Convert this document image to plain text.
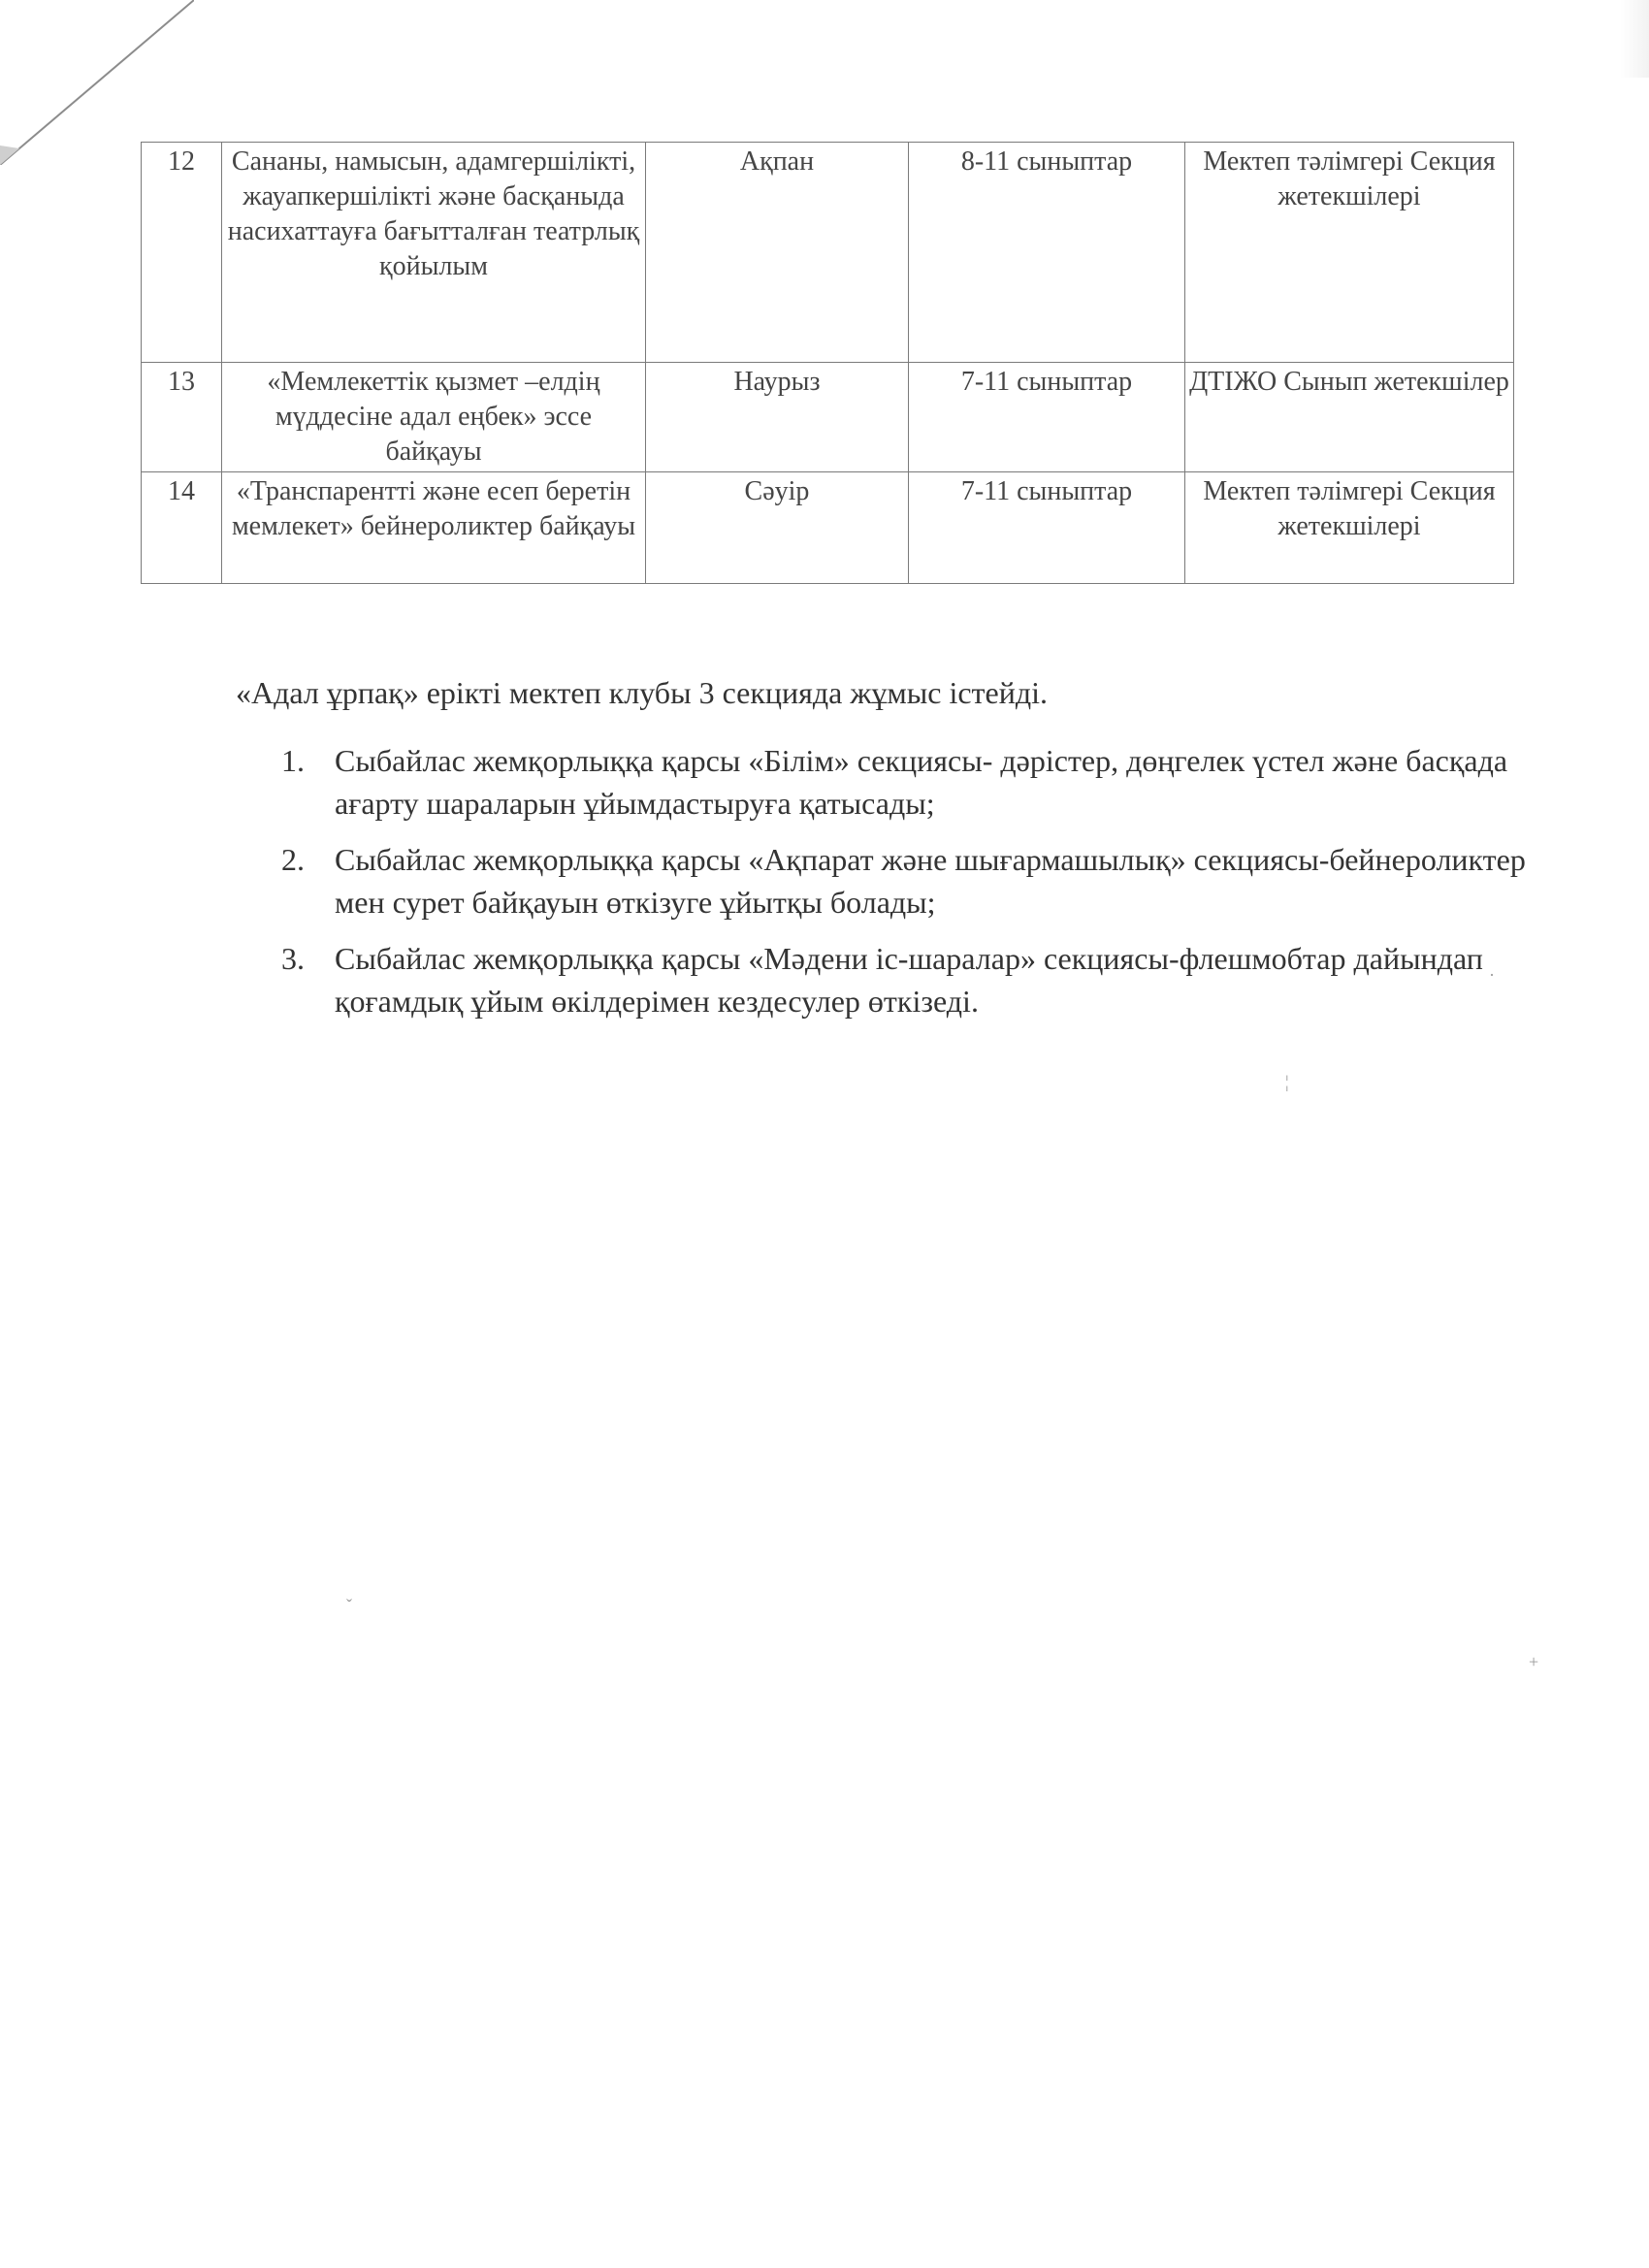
12	Сананы, намысын, адамгершілікті, жауапкершілікті және басқаныда насихаттауға бағытталған театрлық қойылым	Ақпан	8-11 сыныптар	Мектеп тәлімгері Секция жетекшілері
13	«Мемлекеттік қызмет –елдің мүддесіне адал еңбек» эссе байқауы	Наурыз	7-11 сыныптар	ДТІЖО Сынып жетекшілер
14	«Транспарентті және есеп беретін мемлекет» бейнероликтер байқауы	Сәуір	7-11 сыныптар	Мектеп тәлімгері Секция жетекшілері

«Адал ұрпақ» ерікті мектеп клубы 3 секцияда жұмыс істейді.

1. Сыбайлас жемқорлыққа қарсы «Білім» секциясы- дәрістер, дөңгелек үстел және басқада ағарту шараларын ұйымдастыруға қатысады;
2. Сыбайлас жемқорлыққа қарсы «Ақпарат және шығармашылық» секциясы-бейнероликтер мен сурет байқауын өткізуге ұйытқы болады;
3. Сыбайлас жемқорлыққа қарсы «Мәдени іс-шаралар» секциясы-флешмобтар дайындап қоғамдық ұйым өкілдерімен кездесулер өткізеді.
·
¦
ˇ
+
